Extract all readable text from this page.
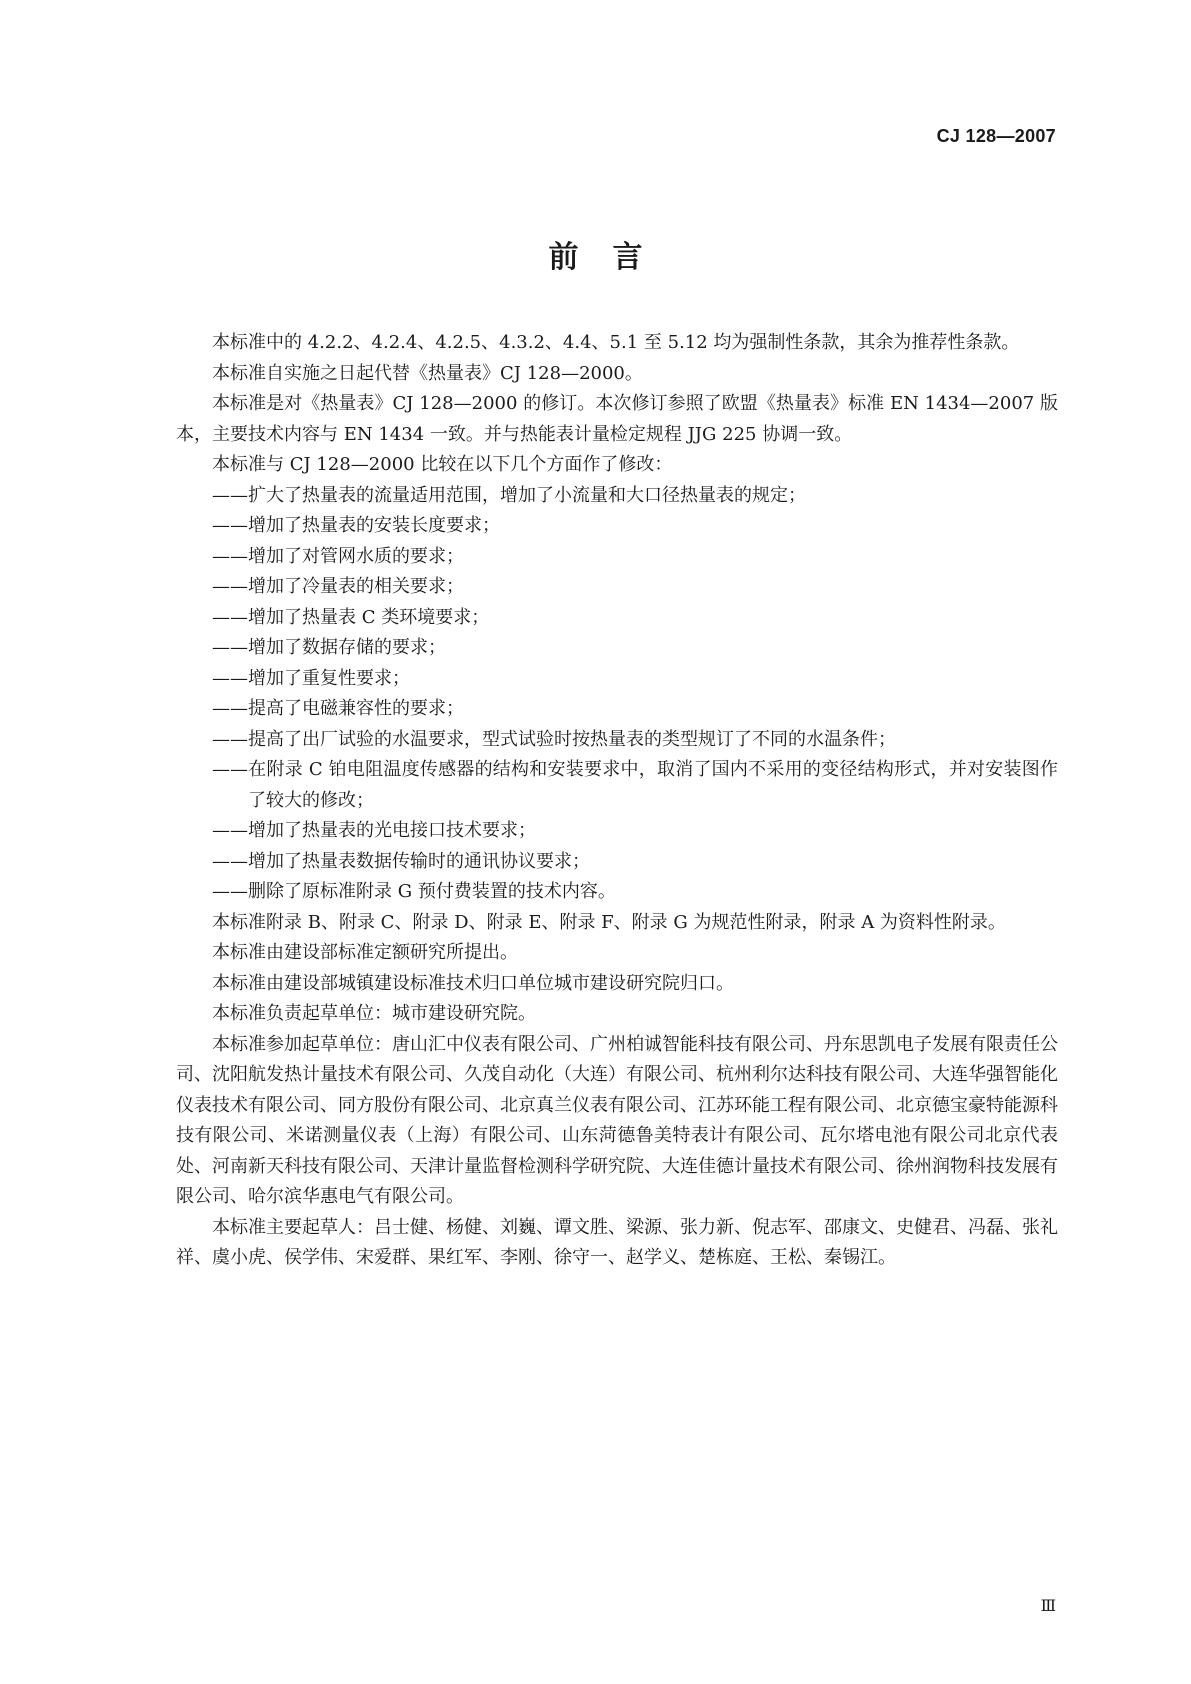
CJ 128—2007
前言

本标准中的 4.2.2、4.2.4、4.2.5、4.3.2、4.4、5.1 至 5.12 均为强制性条款，其余为推荐性条款。

本标准自实施之日起代替《热量表》CJ 128—2000。

本标准是对《热量表》CJ 128—2000 的修订。本次修订参照了欧盟《热量表》标准 EN 1434—2007 版本，主要技术内容与 EN 1434 一致。并与热能表计量检定规程 JJG 225 协调一致。

本标准与 CJ 128—2000 比较在以下几个方面作了修改：

——扩大了热量表的流量适用范围，增加了小流量和大口径热量表的规定；

——增加了热量表的安装长度要求；

——增加了对管网水质的要求；

——增加了冷量表的相关要求；

——增加了热量表 C 类环境要求；

——增加了数据存储的要求；

——增加了重复性要求；

——提高了电磁兼容性的要求；

——提高了出厂试验的水温要求，型式试验时按热量表的类型规订了不同的水温条件；

——在附录 C 铂电阻温度传感器的结构和安装要求中，取消了国内不采用的变径结构形式，并对安装图作了较大的修改；

——增加了热量表的光电接口技术要求；

——增加了热量表数据传输时的通讯协议要求；

——删除了原标准附录 G 预付费装置的技术内容。

本标准附录 B、附录 C、附录 D、附录 E、附录 F、附录 G 为规范性附录，附录 A 为资料性附录。

本标准由建设部标准定额研究所提出。

本标准由建设部城镇建设标准技术归口单位城市建设研究院归口。

本标准负责起草单位：城市建设研究院。

本标准参加起草单位：唐山汇中仪表有限公司、广州柏诚智能科技有限公司、丹东思凯电子发展有限责任公司、沈阳航发热计量技术有限公司、久茂自动化（大连）有限公司、杭州利尔达科技有限公司、大连华强智能化仪表技术有限公司、同方股份有限公司、北京真兰仪表有限公司、江苏环能工程有限公司、北京德宝豪特能源科技有限公司、米诺测量仪表（上海）有限公司、山东菏德鲁美特表计有限公司、瓦尔塔电池有限公司北京代表处、河南新天科技有限公司、天津计量监督检测科学研究院、大连佳德计量技术有限公司、徐州润物科技发展有限公司、哈尔滨华惠电气有限公司。

本标准主要起草人：吕士健、杨健、刘巍、谭文胜、梁源、张力新、倪志军、邵康文、史健君、冯磊、张礼祥、虞小虎、侯学伟、宋爱群、果红军、李刚、徐守一、赵学义、楚栋庭、王松、秦锡江。

Ⅲ
